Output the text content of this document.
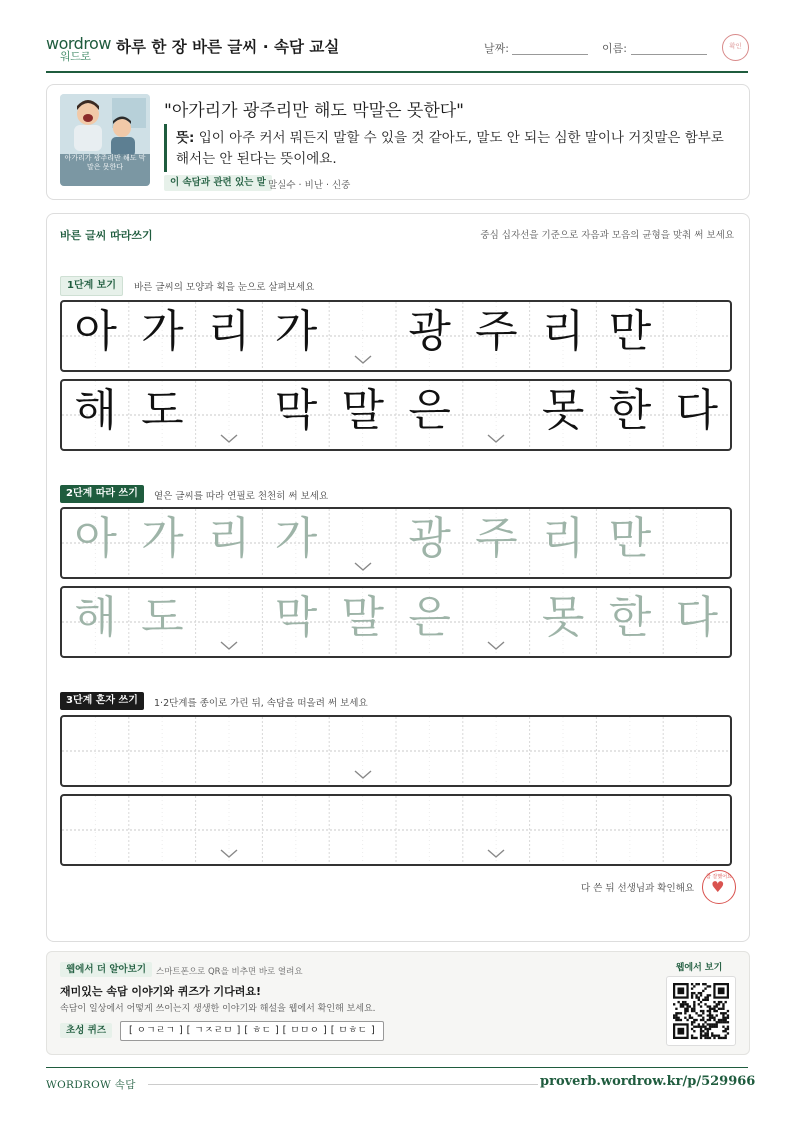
wordrow
워드로
하루 한 장 바른 글씨 · 속담 교실	날짜:	이름:	확인
아가리가 광주리만 해도 막말은 못한다
"아가리가 광주리만 해도 막말은 못한다"
뜻: 입이 아주 커서 뭐든지 말할 수 있을 것 같아도, 말도 안 되는 심한 말이나 거짓말은 함부로 해서는 안 된다는 뜻이에요.
이 속담과 관련 있는 말 말실수 · 비난 · 신중
바른 글씨 따라쓰기	중심 십자선을 기준으로 자음과 모음의 균형을 맞춰 써 보세요
1단계 보기	바른 글씨의 모양과 획을 눈으로 살펴보세요
아 가 리 가 광 주 리 만
해 도 막 말 은 못 한 다
2단계 따라 쓰기	옅은 글씨를 따라 연필로 천천히 써 보세요
아 가 리 가 광 주 리 만
해 도 막 말 은 못 한 다
3단계 혼자 쓰기	1·2단계를 종이로 가린 뒤, 속담을 떠올려 써 보세요
다 쓴 뒤 선생님과 확인해요 ♥
참 잘했어요
웹에서 더 알아보기	스마트폰으로 QR을 비추면 바로 열려요
재미있는 속담 이야기와 퀴즈가 기다려요!
속담이 일상에서 어떻게 쓰이는지 생생한 이야기와 해설을 웹에서 확인해 보세요.
초성 퀴즈	[ ㅇㄱㄹㄱ ] [ ㄱㅈㄹㅁ ] [ ㅎㄷ ] [ ㅁㅁㅇ ] [ ㅁㅎㄷ ]
웹에서 보기
WORDROW 속담	proverb.wordrow.kr/p/529966
